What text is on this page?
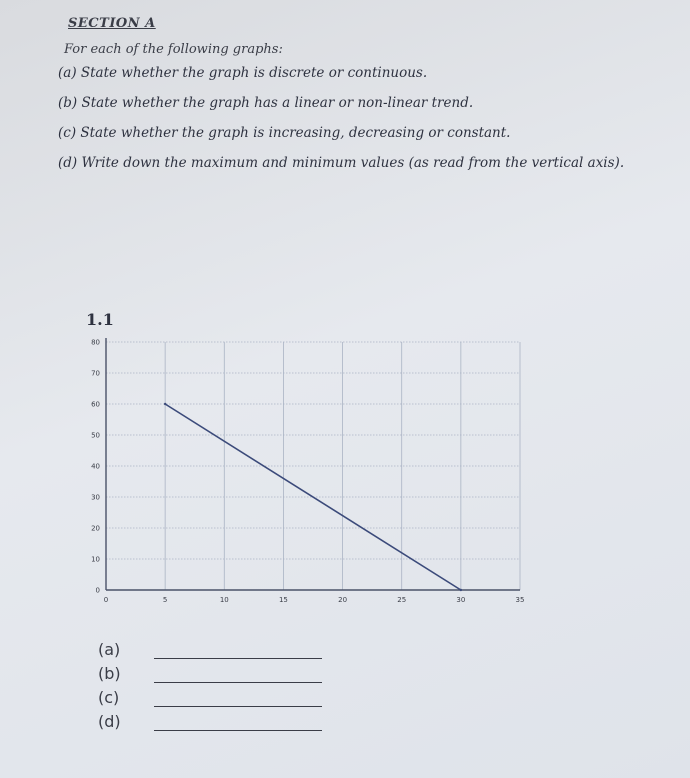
SECTION A
For each of the following graphs:
(a) State whether the graph is discrete or continuous.
(b) State whether the graph has a linear or non-linear trend.
(c) State whether the graph is increasing, decreasing or constant.
(d) Write down the maximum and minimum values (as read from the vertical axis).
1.1
0	5	10	15	20	25	30	35
0
10
20
30
40
50
60
70
80
(a)
(b)
(c)
(d)
